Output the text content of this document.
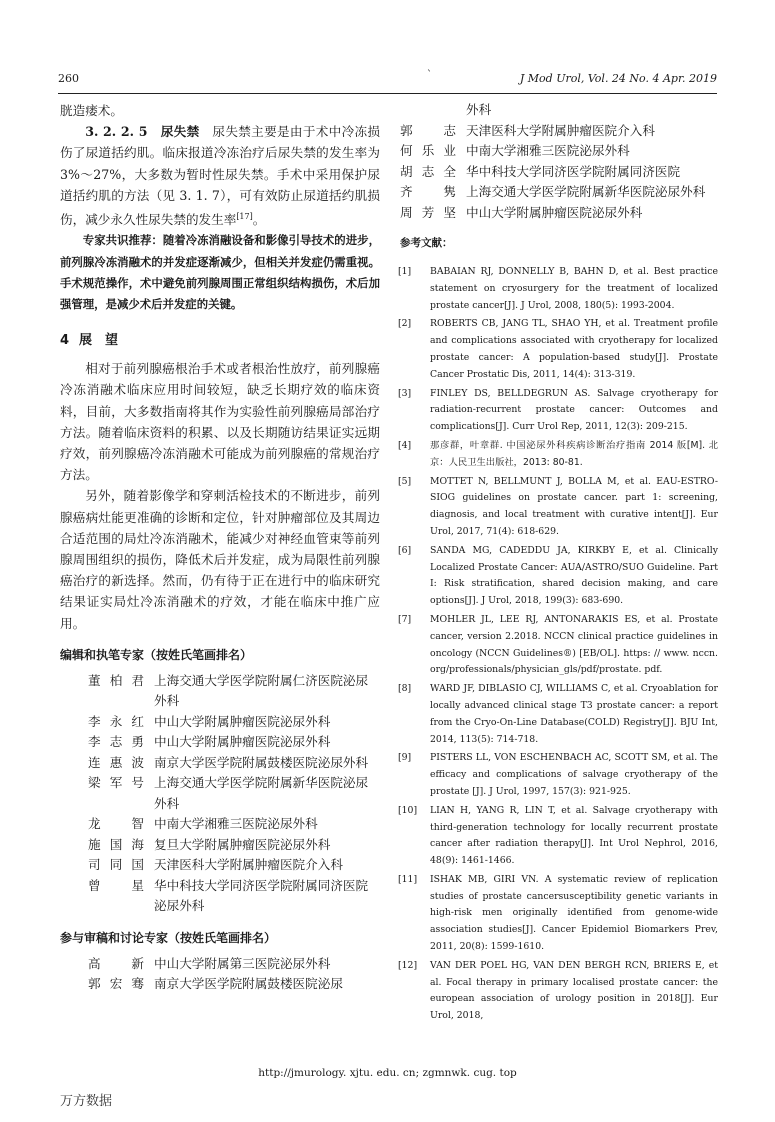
260	`	J Mod Urol, Vol. 24 No. 4 Apr. 2019

胱造瘘术。

3. 2. 2. 5　尿失禁　尿失禁主要是由于术中冷冻损伤了尿道括约肌。临床报道冷冻治疗后尿失禁的发生率为 3%～27%，大多数为暂时性尿失禁。手术中采用保护尿道括约肌的方法（见 3. 1. 7），可有效防止尿道括约肌损伤，减少永久性尿失禁的发生率[17]。

专家共识推荐：随着冷冻消融设备和影像引导技术的进步，前列腺冷冻消融术的并发症逐渐减少，但相关并发症仍需重视。手术规范操作，术中避免前列腺周围正常组织结构损伤，术后加强管理，是减少术后并发症的关键。

4 展　望

相对于前列腺癌根治手术或者根治性放疗，前列腺癌冷冻消融术临床应用时间较短，缺乏长期疗效的临床资料，目前，大多数指南将其作为实验性前列腺癌局部治疗方法。随着临床资料的积累、以及长期随访结果证实远期疗效，前列腺癌冷冻消融术可能成为前列腺癌的常规治疗方法。

另外，随着影像学和穿刺活检技术的不断进步，前列腺癌病灶能更准确的诊断和定位，针对肿瘤部位及其周边合适范围的局灶冷冻消融术，能减少对神经血管束等前列腺周围组织的损伤，降低术后并发症，成为局限性前列腺癌治疗的新选择。然而，仍有待于正在进行中的临床研究结果证实局灶冷冻消融术的疗效，才能在临床中推广应用。

编辑和执笔专家（按姓氏笔画排名）
董柏君 上海交通大学医学院附属仁济医院泌尿外科
李永红 中山大学附属肿瘤医院泌尿外科
李志勇 中山大学附属肿瘤医院泌尿外科
连惠波 南京大学医学院附属鼓楼医院泌尿外科
梁军号 上海交通大学医学院附属新华医院泌尿外科
龙　智 中南大学湘雅三医院泌尿外科
施国海 复旦大学附属肿瘤医院泌尿外科
司同国 天津医科大学附属肿瘤医院介入科
曾　星 华中科技大学同济医学院附属同济医院泌尿外科
参与审稿和讨论专家（按姓氏笔画排名）
高　新 中山大学附属第三医院泌尿外科
郭宏骞 南京大学医学院附属鼓楼医院泌尿
外科
郭　志 天津医科大学附属肿瘤医院介入科
何乐业 中南大学湘雅三医院泌尿外科
胡志全 华中科技大学同济医学院附属同济医院
齐　隽 上海交通大学医学院附属新华医院泌尿外科
周芳坚 中山大学附属肿瘤医院泌尿外科
参考文献：
[1]	BABAIAN RJ, DONNELLY B, BAHN D, et al. Best practice statement on cryosurgery for the treatment of localized prostate cancer[J]. J Urol, 2008, 180(5): 1993-2004.
[2]	ROBERTS CB, JANG TL, SHAO YH, et al. Treatment profile and complications associated with cryotherapy for localized prostate cancer: A population-based study[J]. Prostate Cancer Prostatic Dis, 2011, 14(4): 313-319.
[3]	FINLEY DS, BELLDEGRUN AS. Salvage cryotherapy for radiation-recurrent prostate cancer: Outcomes and complications[J]. Curr Urol Rep, 2011, 12(3): 209-215.
[4]	那彦群，叶章群. 中国泌尿外科疾病诊断治疗指南 2014 版[M]. 北京：人民卫生出版社，2013: 80-81.
[5]	MOTTET N, BELLMUNT J, BOLLA M, et al. EAU-ESTRO-SIOG guidelines on prostate cancer. part 1: screening, diagnosis, and local treatment with curative intent[J]. Eur Urol, 2017, 71(4): 618-629.
[6]	SANDA MG, CADEDDU JA, KIRKBY E, et al. Clinically Localized Prostate Cancer: AUA/ASTRO/SUO Guideline. Part I: Risk stratification, shared decision making, and care options[J]. J Urol, 2018, 199(3): 683-690.
[7]	MOHLER JL, LEE RJ, ANTONARAKIS ES, et al. Prostate cancer, version 2.2018. NCCN clinical practice guidelines in oncology (NCCN Guidelines®) [EB/OL]. https: // www. nccn. org/professionals/physician_gls/pdf/prostate. pdf.
[8]	WARD JF, DIBLASIO CJ, WILLIAMS C, et al. Cryoablation for locally advanced clinical stage T3 prostate cancer: a report from the Cryo-On-Line Database(COLD) Registry[J]. BJU Int, 2014, 113(5): 714-718.
[9]	PISTERS LL, VON ESCHENBACH AC, SCOTT SM, et al. The efficacy and complications of salvage cryotherapy of the prostate [J]. J Urol, 1997, 157(3): 921-925.
[10]	LIAN H, YANG R, LIN T, et al. Salvage cryotherapy with third-generation technology for locally recurrent prostate cancer after radiation therapy[J]. Int Urol Nephrol, 2016, 48(9): 1461-1466.
[11]	ISHAK MB, GIRI VN. A systematic review of replication studies of prostate cancersusceptibility genetic variants in high-risk men originally identified from genome-wide association studies[J]. Cancer Epidemiol Biomarkers Prev, 2011, 20(8): 1599-1610.
[12]	VAN DER POEL HG, VAN DEN BERGH RCN, BRIERS E, et al. Focal therapy in primary localised prostate cancer: the european association of urology position in 2018[J]. Eur Urol, 2018,
http://jmurology. xjtu. edu. cn; zgmnwk. cug. top
万方数据
